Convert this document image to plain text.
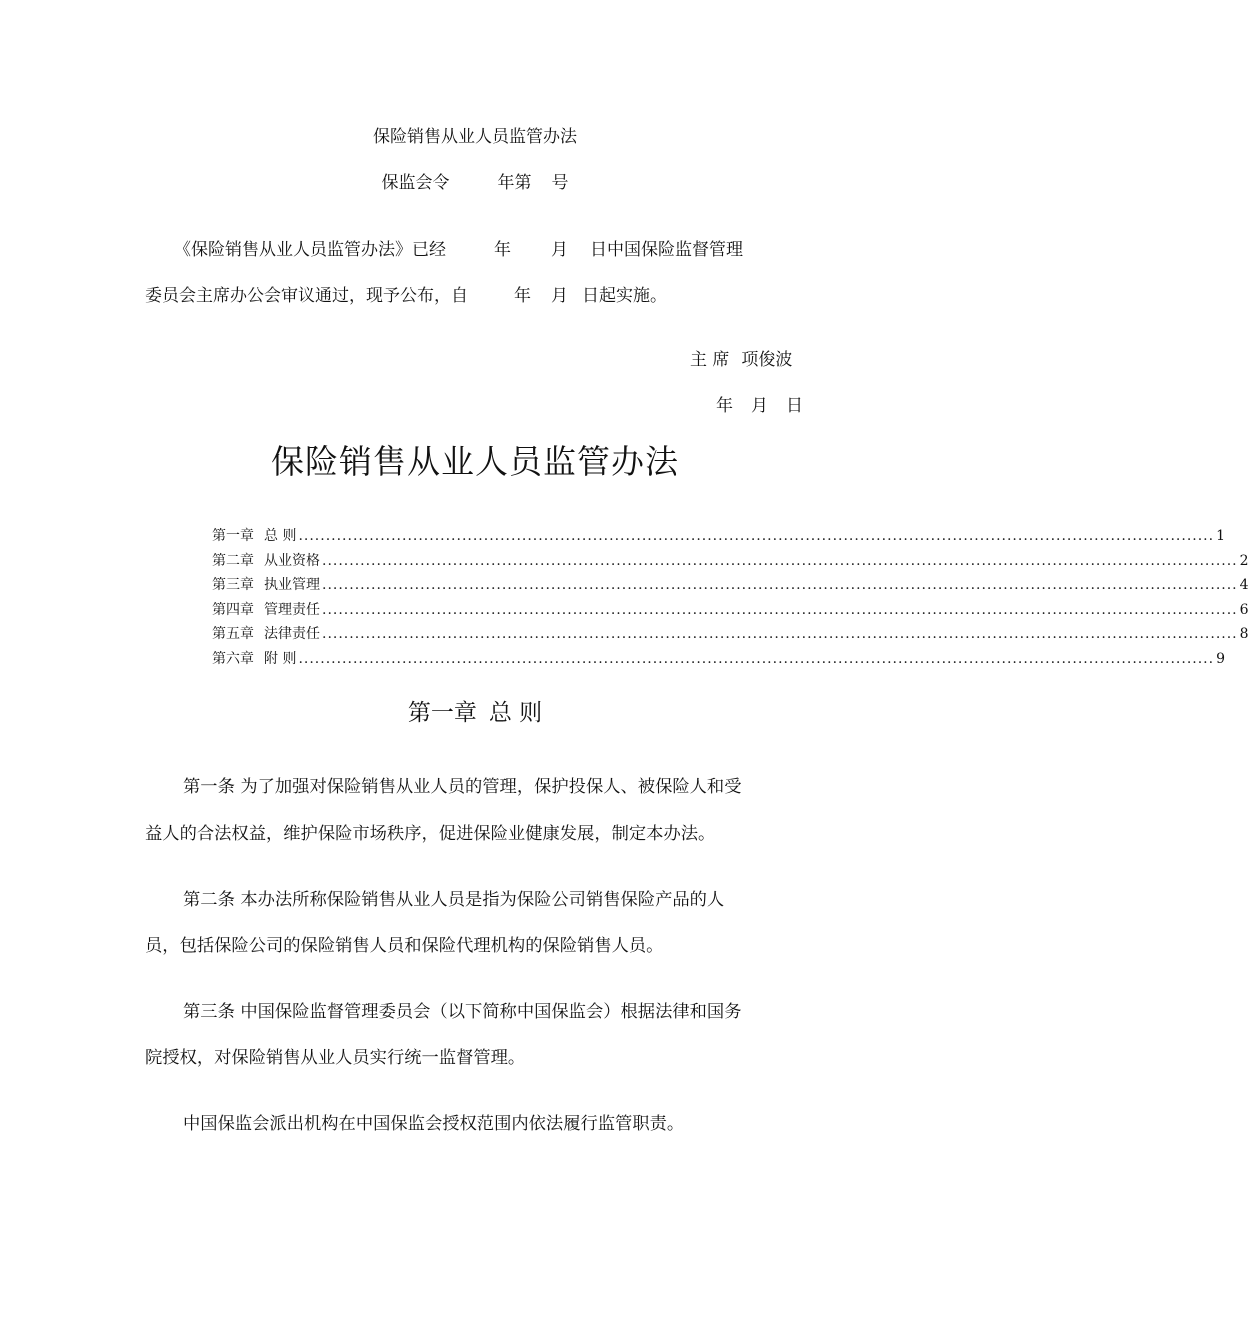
保险销售从业人员监管办法
保监会令	年第 号
《保险销售从业人员监管办法》已经	年 月 日中国保险监督管理
委员会主席办公会审议通过，现予公布，自	年 月 日起实施。
主 席 项俊波
年 月 日
保险销售从业人员监管办法
第一章 总 则 ........................................................................................................................................................................ 1
第二章 从业资格 ........................................................................................................................................................................ 2
第三章 执业管理 ........................................................................................................................................................................ 4
第四章 管理责任 ........................................................................................................................................................................ 6
第五章 法律责任 ........................................................................................................................................................................ 8
第六章 附 则 ........................................................................................................................................................................ 9
第一章 总 则
第一条 为了加强对保险销售从业人员的管理，保护投保人、被保险人和受
益人的合法权益，维护保险市场秩序，促进保险业健康发展，制定本办法。
第二条 本办法所称保险销售从业人员是指为保险公司销售保险产品的人
员，包括保险公司的保险销售人员和保险代理机构的保险销售人员。
第三条 中国保险监督管理委员会（以下简称中国保监会）根据法律和国务
院授权，对保险销售从业人员实行统一监督管理。
中国保监会派出机构在中国保监会授权范围内依法履行监管职责。
